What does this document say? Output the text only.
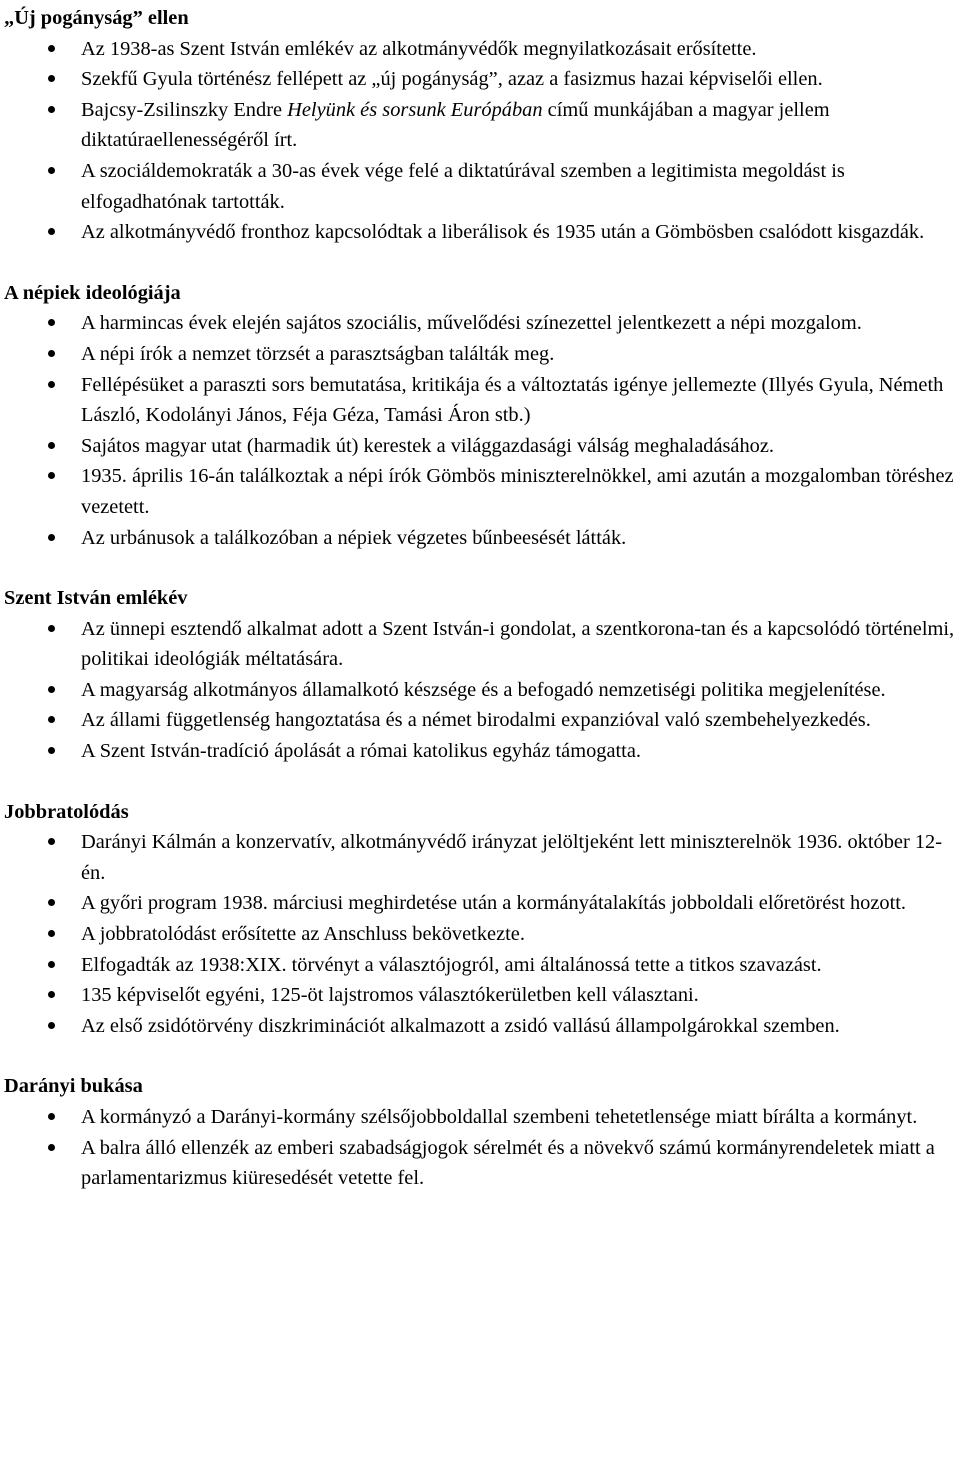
„Új pogányság” ellen
Az 1938-as Szent István emlékév az alkotmányvédők megnyilatkozásait erősítette.
Szekfű Gyula történész fellépett az „új pogányság”, azaz a fasizmus hazai képviselői ellen.
Bajcsy-Zsilinszky Endre Helyünk és sorsunk Európában című munkájában a magyar jellem diktatúraellenességéről írt.
A szociáldemokraták a 30-as évek vége felé a diktatúrával szemben a legitimista megoldást is elfogadhatónak tartották.
Az alkotmányvédő fronthoz kapcsolódtak a liberálisok és 1935 után a Gömbösben csalódott kisgazdák.
A népiek ideológiája
A harmincas évek elején sajátos szociális, művelődési színezettel jelentkezett a népi mozgalom.
A népi írók a nemzet törzsét a parasztságban találták meg.
Fellépésüket a paraszti sors bemutatása, kritikája és a változtatás igénye jellemezte (Illyés Gyula, Németh László, Kodolányi János, Féja Géza, Tamási Áron stb.)
Sajátos magyar utat (harmadik út) kerestek a világgazdasági válság meghaladásához.
1935. április 16-án találkoztak a népi írók Gömbös miniszterelnökkel, ami azután a mozgalomban töréshez vezetett.
Az urbánusok a találkozóban a népiek végzetes bűnbeesését látták.
Szent István emlékév
Az ünnepi esztendő alkalmat adott a Szent István-i gondolat, a szentkorona-tan és a kapcsolódó történelmi, politikai ideológiák méltatására.
A magyarság alkotmányos államalkotó készsége és a befogadó nemzetiségi politika megjelenítése.
Az állami függetlenség hangoztatása és a német birodalmi expanzióval való szembehelyezkedés.
A Szent István-tradíció ápolását a római katolikus egyház támogatta.
Jobbratolódás
Darányi Kálmán a konzervatív, alkotmányvédő irányzat jelöltjeként lett miniszterelnök 1936. október 12-én.
A győri program 1938. márciusi meghirdetése után a kormányátalakítás jobboldali előretörést hozott.
A jobbratolódást erősítette az Anschluss bekövetkezte.
Elfogadták az 1938:XIX. törvényt a választójogról, ami általánossá tette a titkos szavazást.
135 képviselőt egyéni, 125-öt lajstromos választókerületben kell választani.
Az első zsidótörvény diszkriminációt alkalmazott a zsidó vallású állampolgárokkal szemben.
Darányi bukása
A kormányzó a Darányi-kormány szélsőjobboldallal szembeni tehetetlensége miatt bírálta a kormányt.
A balra álló ellenzék az emberi szabadságjogok sérelmét és a növekvő számú kormányrendeletek miatt a parlamentarizmus kiüresedését vetette fel.
